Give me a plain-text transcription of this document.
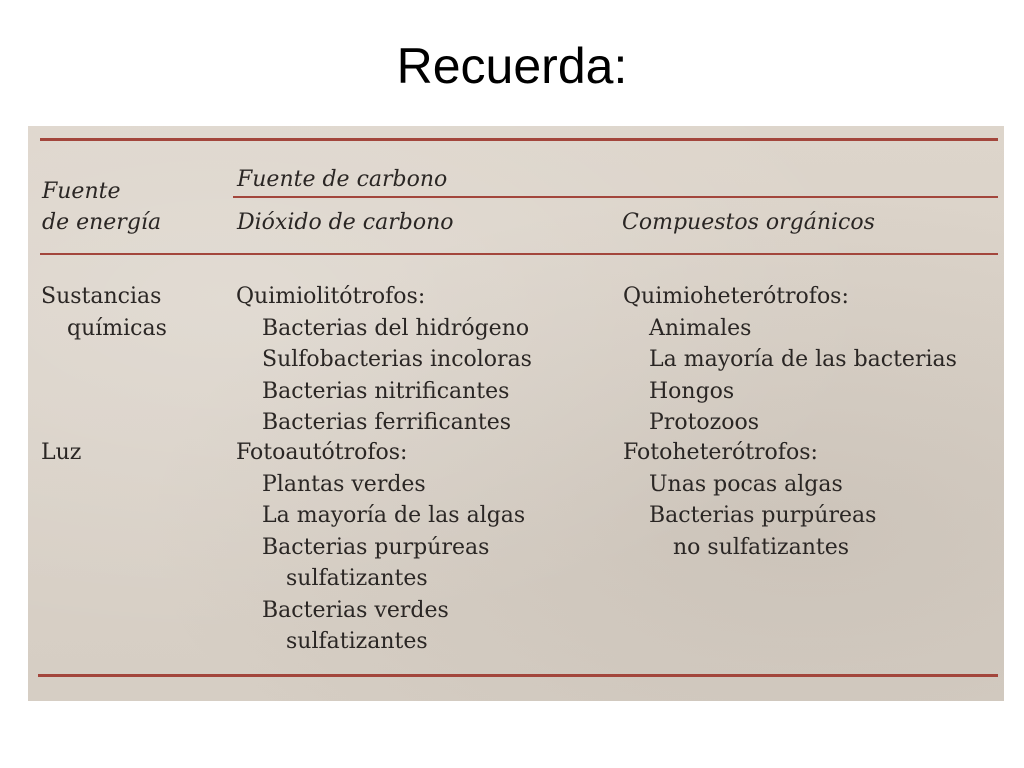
Recuerda:
Fuente
de energía
Fuente de carbono
Dióxido de carbono	Compuestos orgánicos
Sustancias
químicas
Quimiolitótrofos:
Bacterias del hidrógeno
Sulfobacterias incoloras
Bacterias nitrificantes
Bacterias ferrificantes
Quimioheterótrofos:
Animales
La mayoría de las bacterias
Hongos
Protozoos
Luz	Fotoautótrofos:
Plantas verdes
La mayoría de las algas
Bacterias purpúreas
sulfatizantes
Bacterias verdes
sulfatizantes
Fotoheterótrofos:
Unas pocas algas
Bacterias purpúreas
no sulfatizantes
